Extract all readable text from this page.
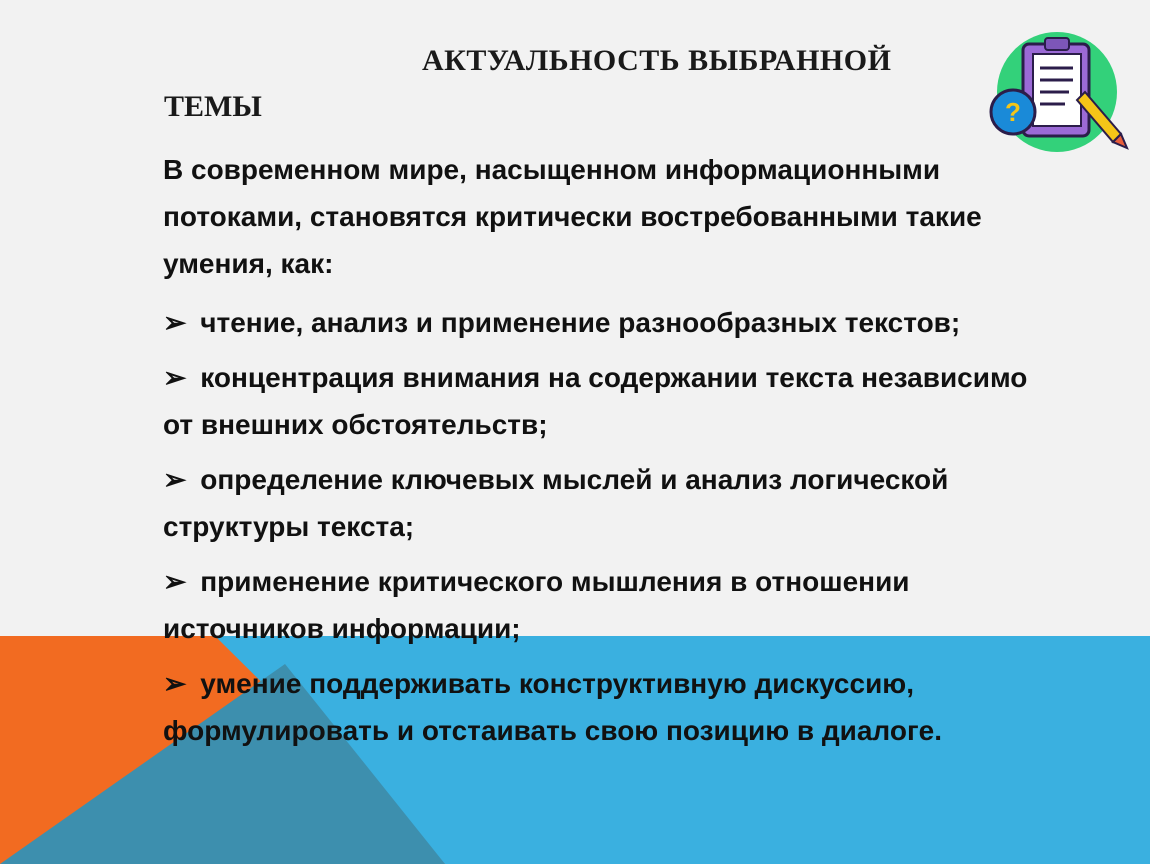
АКТУАЛЬНОСТЬ ВЫБРАННОЙ
ТЕМЫ	?

В современном мире, насыщенном информационными потоками, становятся критически востребованными такие умения, как:

➢ чтение, анализ и применение разнообразных текстов;

➢ концентрация внимания на содержании текста независимо от внешних обстоятельств;

➢ определение ключевых мыслей и анализ логической структуры текста;

➢ применение критического мышления в отношении источников информации;

➢ умение поддерживать конструктивную дискуссию, формулировать и отстаивать свою позицию в диалоге.
